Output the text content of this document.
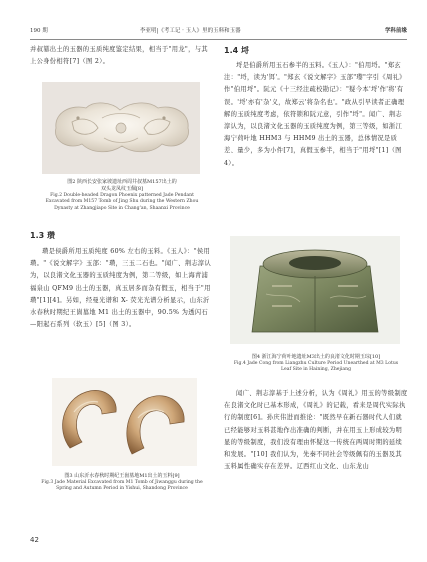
190 期	李亚明|《考工记 · 玉人》里的玉料和玉器	学科前缘
并叔纂出土的玉器的玉质纯度鉴定结果，相当于"用龙"，与其上公身份相符[7]（图 2）。
图2 陕西长安张家坡遗址西周井叔墓M157出土的
双头龙凤纹玉佩[8]
Fig.2 Double-headed Dragon Phoenix patterned Jade Pendant
Excavated from M157 Tomb of Jing Shu during the Western Zhou
Dynasty at Zhangjiapo Site in Chang'an, Shaanxi Province
1.3 瓒
瓒是侯爵所用玉质纯度 60% 左右的玉料。《玉人》："侯用瓒。"《说文解字》玉部："瓒，三玉二石也。"闻广、荆志淳认为，以良渚文化玉器的玉质纯度为例，第二等级，如上海青浦福泉山 QFM9 出土的玉器，真玉居多而杂有假玉，相当于"用瓒"[1][4]。另如，经曼光谱和 X- 荧光光谱分析显示，山东沂水春秋时期纪王崮墓地 M1 出土的玉器中，90.5% 为透闪石—阳起石系列（软玉）[5]（图 3）。
图3 山东沂水春秋时期纪王崮墓地M1出土的玉料[9]
Fig.3 Jade Material Excavated from M1 Tomb of Jiwanggu during the
Spring and Autumn Period in Yishui, Shandong Province
1.4 埒
埒是伯爵所用玉石参半的玉料。《玉人》："伯用埒。"郑玄注："埒，读为'饵'。"郑玄《说文解字》玉部"瓈"字引《周礼》作"伯用埒"。阮元《十三经注疏校勘记》："疑今本'埒'作'将'有误。'埒'亦有'杂'义，故郑云'将杂名也'。"政从引早读者正确理解的玉质纯度考虑，依符锁和阮元意，引作"埒"。闻广、荆志淳认为，以良渚文化玉器的玉质纯度为例，第三等级，如浙江海宁荷叶地 HHM3 与 HHM9 出土的玉器，总体情况是质差、量少，多为小件[7]，真假玉参半，相当于"用埒"[1]（图 4）。
图4 浙江海宁荷叶地遗址M3出土的良渚文化时期玉琮[10]
Fig.4 Jade Cong from Liangzhu Culture Period Unearthed at M3 Lotus
Leaf Site in Haining, Zhejiang
闻广、荆志淳基于上述分析，认为《周礼》用玉的等级制度在良渚文化时已基本形成，《周礼》的记载，看来是周代实际执行的制度[6]。孙庆伟进而推论："既然早在新石器时代人们就已经能够对玉料甚地作出准确的判断，并在用玉上形成较为明显的等级制度，我们没有理由怀疑这一传统在两周时期的延续和发展。"[10] 我们认为，先秦不同社会等级佩有的玉器及其玉料属性确实存在差异。辽西红山文化、山东龙山
42
